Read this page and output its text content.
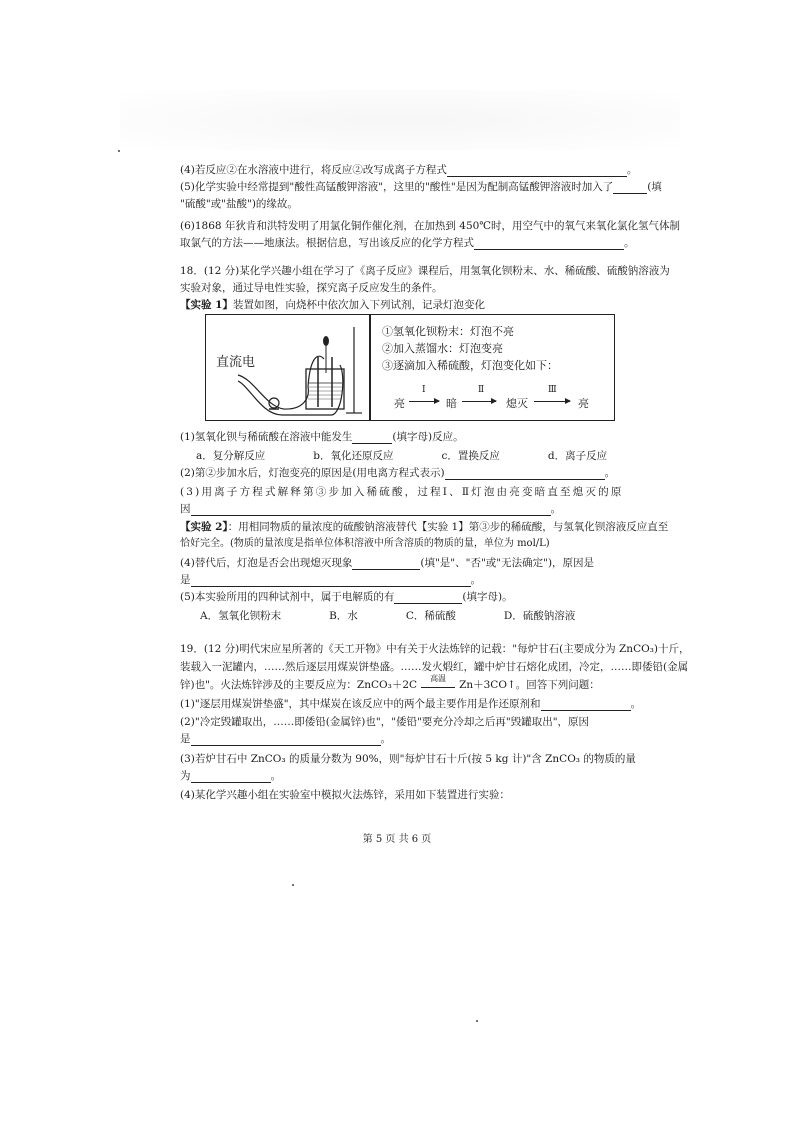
(4)若反应②在水溶液中进行，将反应②改写成离子方程式	。
(5)化学实验中经常提到"酸性高锰酸钾溶液"，这里的"酸性"是因为配制高锰酸钾溶液时加入了	(填
"硫酸"或"盐酸")的缘故。
(6)1868 年狄肯和洪特发明了用氯化铜作催化剂，在加热到 450℃时，用空气中的氧气来氧化氯化氢气体制
取氯气的方法——地康法。根据信息，写出该反应的化学方程式	。
18．(12 分)某化学兴趣小组在学习了《离子反应》课程后，用氢氧化钡粉末、水、稀硫酸、硫酸钠溶液为
实验对象，通过导电性实验，探究离子反应发生的条件。
【实验 1】装置如图，向烧杯中依次加入下列试剂，记录灯泡变化
直流电
①氢氧化钡粉末：灯泡不亮
②加入蒸馏水：灯泡变亮
③逐滴加入稀硫酸，灯泡变化如下：
亮
Ⅰ
暗
Ⅱ
熄灭
Ⅲ
亮
(1)氢氧化钡与稀硫酸在溶液中能发生	(填字母)反应。
a．复分解反应	b．氧化还原反应	c．置换反应	d．离子反应
(2)第②步加水后，灯泡变亮的原因是(用电离方程式表示)	。
(3)用离子方程式解释第③步加入稀硫酸，过程Ⅰ、Ⅱ灯泡由亮变暗直至熄灭的原
因	。
【实验 2】：用相同物质的量浓度的硫酸钠溶液替代【实验 1】第③步的稀硫酸，与氢氧化钡溶液反应直至
恰好完全。(物质的量浓度是指单位体积溶液中所含溶质的物质的量，单位为 mol/L)
(4)替代后，灯泡是否会出现熄灭现象	(填"是"、"否"或"无法确定")，原因是
是	。
(5)本实验所用的四种试剂中，属于电解质的有	(填字母)。
A．氢氧化钡粉末	B．水	C．稀硫酸	D．硫酸钠溶液
19．(12 分)明代宋应星所著的《天工开物》中有关于火法炼锌的记载："每炉甘石(主要成分为 ZnCO₃)十斤，
装载入一泥罐内，……然后逐层用煤炭饼垫盛。……发火煅红，罐中炉甘石熔化成团，冷定，……即倭铅(金属
锌)也"。火法炼锌涉及的主要反应为：ZnCO₃＋2C
高温
Zn＋3CO↑。回答下列问题：
(1)"逐层用煤炭饼垫盛"，其中煤炭在该反应中的两个最主要作用是作还原剂和	。
(2)"冷定毁罐取出，……即倭铅(金属锌)也"，"倭铅"要充分冷却之后再"毁罐取出"，原因
是	。
(3)若炉甘石中 ZnCO₃ 的质量分数为 90%，则"每炉甘石十斤(按 5 kg 计)"含 ZnCO₃ 的物质的量
为	。
(4)某化学兴趣小组在实验室中模拟火法炼锌，采用如下装置进行实验：
第 5 页 共 6 页
